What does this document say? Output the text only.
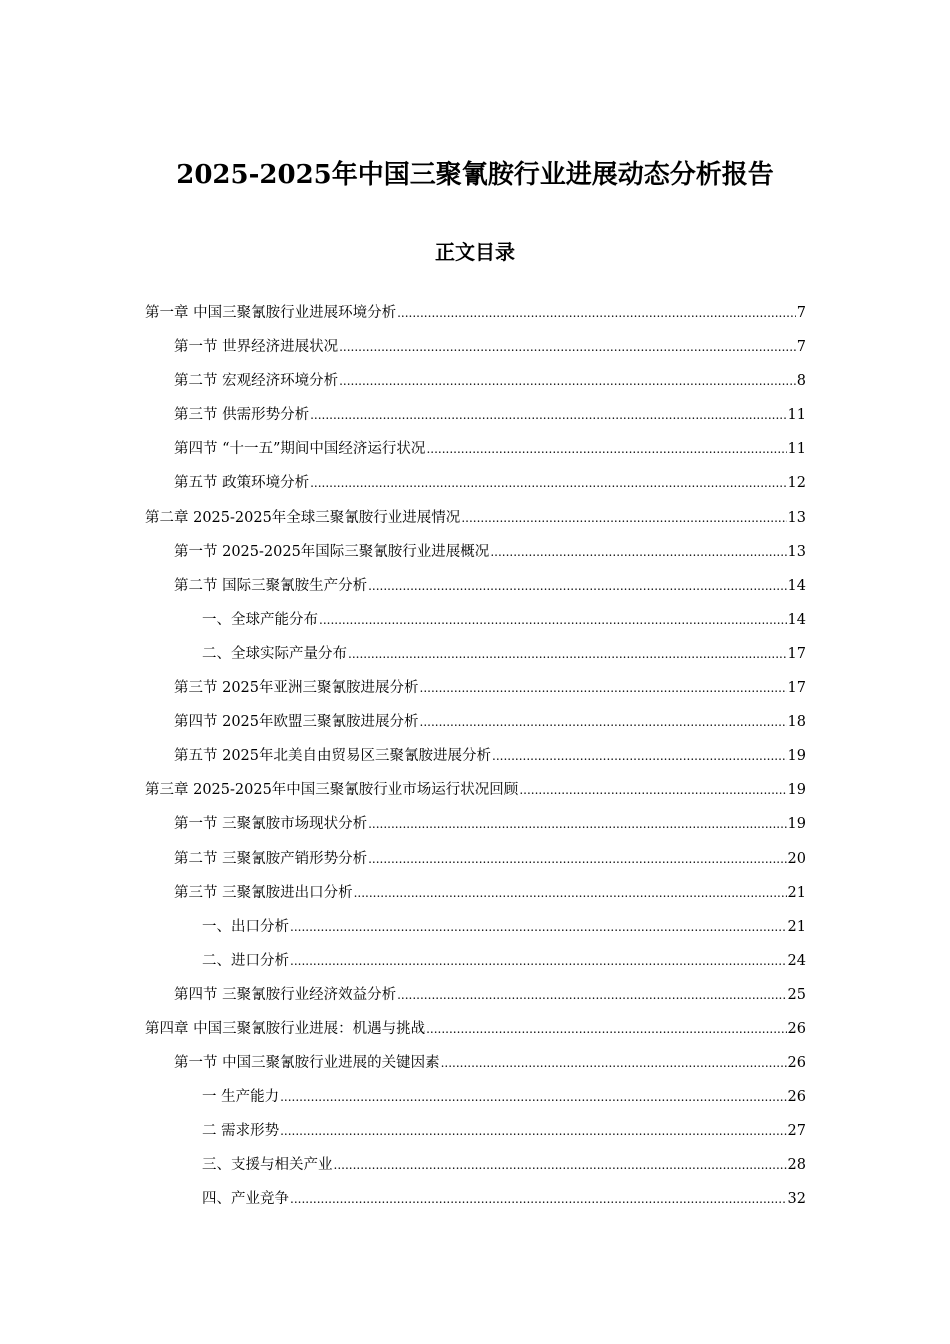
2025-2025年中国三聚氰胺行业进展动态分析报告
正文目录
第一章 中国三聚氰胺行业进展环境分析 .....	7
第一节 世界经济进展状况 .....	7
第二节 宏观经济环境分析 .....	8
第三节 供需形势分析 .....	11
第四节 “十一五”期间中国经济运行状况 .....	11
第五节 政策环境分析 .....	12
第二章 2025-2025年全球三聚氰胺行业进展情况 .....	13
第一节 2025-2025年国际三聚氰胺行业进展概况 .....	13
第二节 国际三聚氰胺生产分析 .....	14
一、全球产能分布 .....	14
二、全球实际产量分布 .....	17
第三节 2025年亚洲三聚氰胺进展分析 .....	17
第四节 2025年欧盟三聚氰胺进展分析 .....	18
第五节 2025年北美自由贸易区三聚氰胺进展分析 .....	19
第三章 2025-2025年中国三聚氰胺行业市场运行状况回顾 .....	19
第一节 三聚氰胺市场现状分析 .....	19
第二节 三聚氰胺产销形势分析 .....	20
第三节 三聚氰胺进出口分析 .....	21
一、出口分析 .....	21
二、进口分析 .....	24
第四节 三聚氰胺行业经济效益分析 .....	25
第四章 中国三聚氰胺行业进展：机遇与挑战 .....	26
第一节 中国三聚氰胺行业进展的关键因素 .....	26
一 生产能力 .....	26
二 需求形势 .....	27
三、支援与相关产业 .....	28
四、产业竞争 .....	32
